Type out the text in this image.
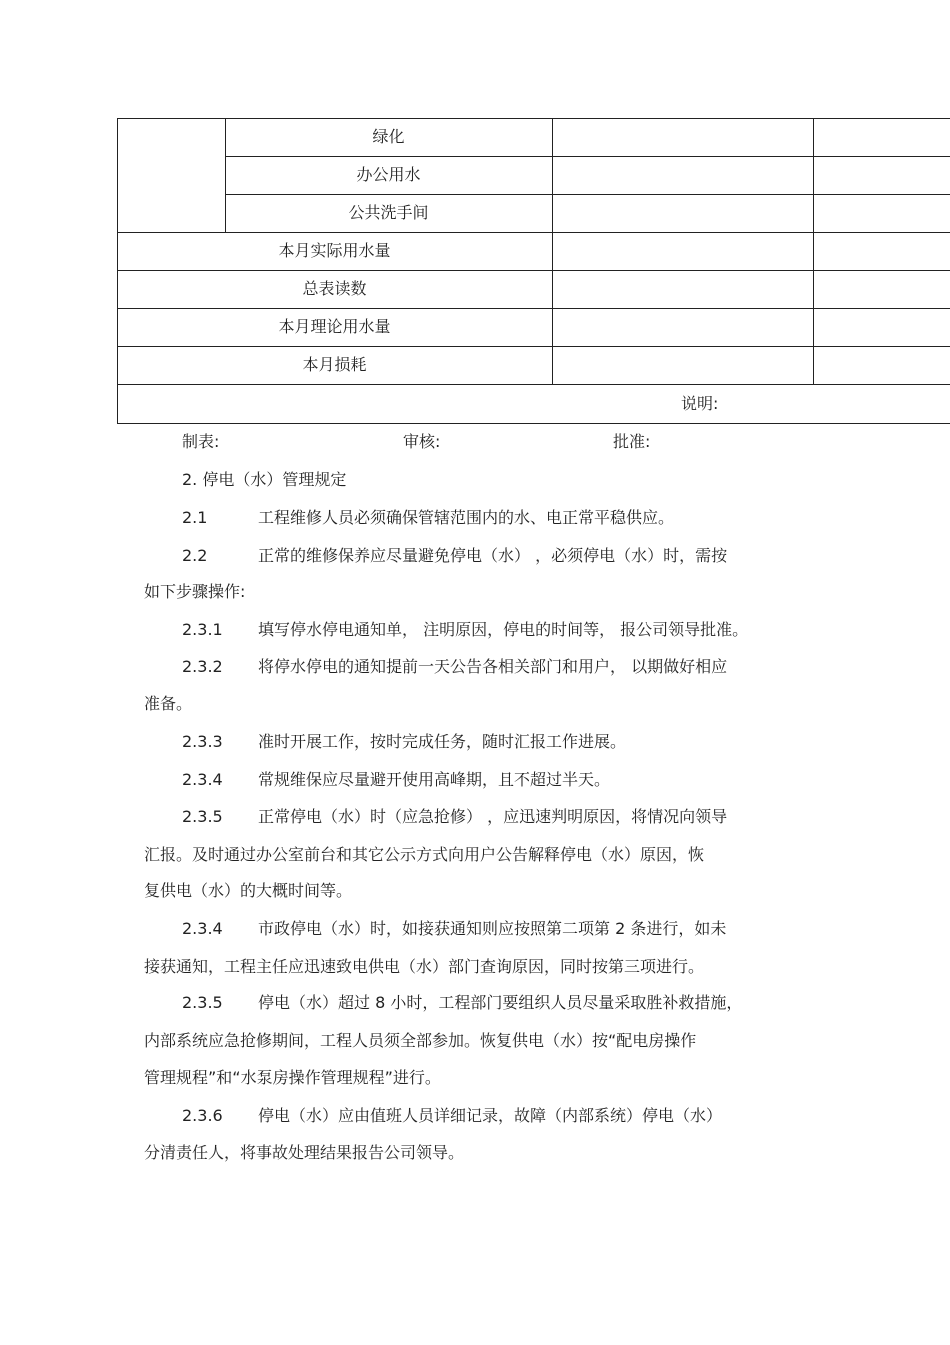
绿化
办公用水
公共洗手间
本月实际用水量
总表读数
本月理论用水量
本月损耗
说明:
制表:	审核:	批准:
2. 停电（水）管理规定
2.1	工程维修人员必须确保管辖范围内的水、电正常平稳供应。
2.2	正常的维修保养应尽量避免停电（水） ，必须停电（水）时，需按
如下步骤操作:
2.3.1 填写停水停电通知单， 注明原因，停电的时间等， 报公司领导批准。
2.3.2 将停水停电的通知提前一天公告各相关部门和用户， 以期做好相应
准备。
2.3.3 准时开展工作，按时完成任务，随时汇报工作进展。
2.3.4 常规维保应尽量避开使用高峰期，且不超过半天。
2.3.5 正常停电（水）时（应急抢修） ，应迅速判明原因，将情况向领导
汇报。及时通过办公室前台和其它公示方式向用户公告解释停电（水）原因，恢
复供电（水）的大概时间等。
2.3.4 市政停电（水）时，如接获通知则应按照第二项第 2 条进行，如未
接获通知，工程主任应迅速致电供电（水）部门查询原因，同时按第三项进行。
2.3.5 停电（水）超过 8 小时，工程部门要组织人员尽量采取胜补救措施，
内部系统应急抢修期间，工程人员须全部参加。恢复供电（水）按“配电房操作
管理规程”和“水泵房操作管理规程”进行。
2.3.6 停电（水）应由值班人员详细记录，故障（内部系统）停电（水）
分清责任人，将事故处理结果报告公司领导。
